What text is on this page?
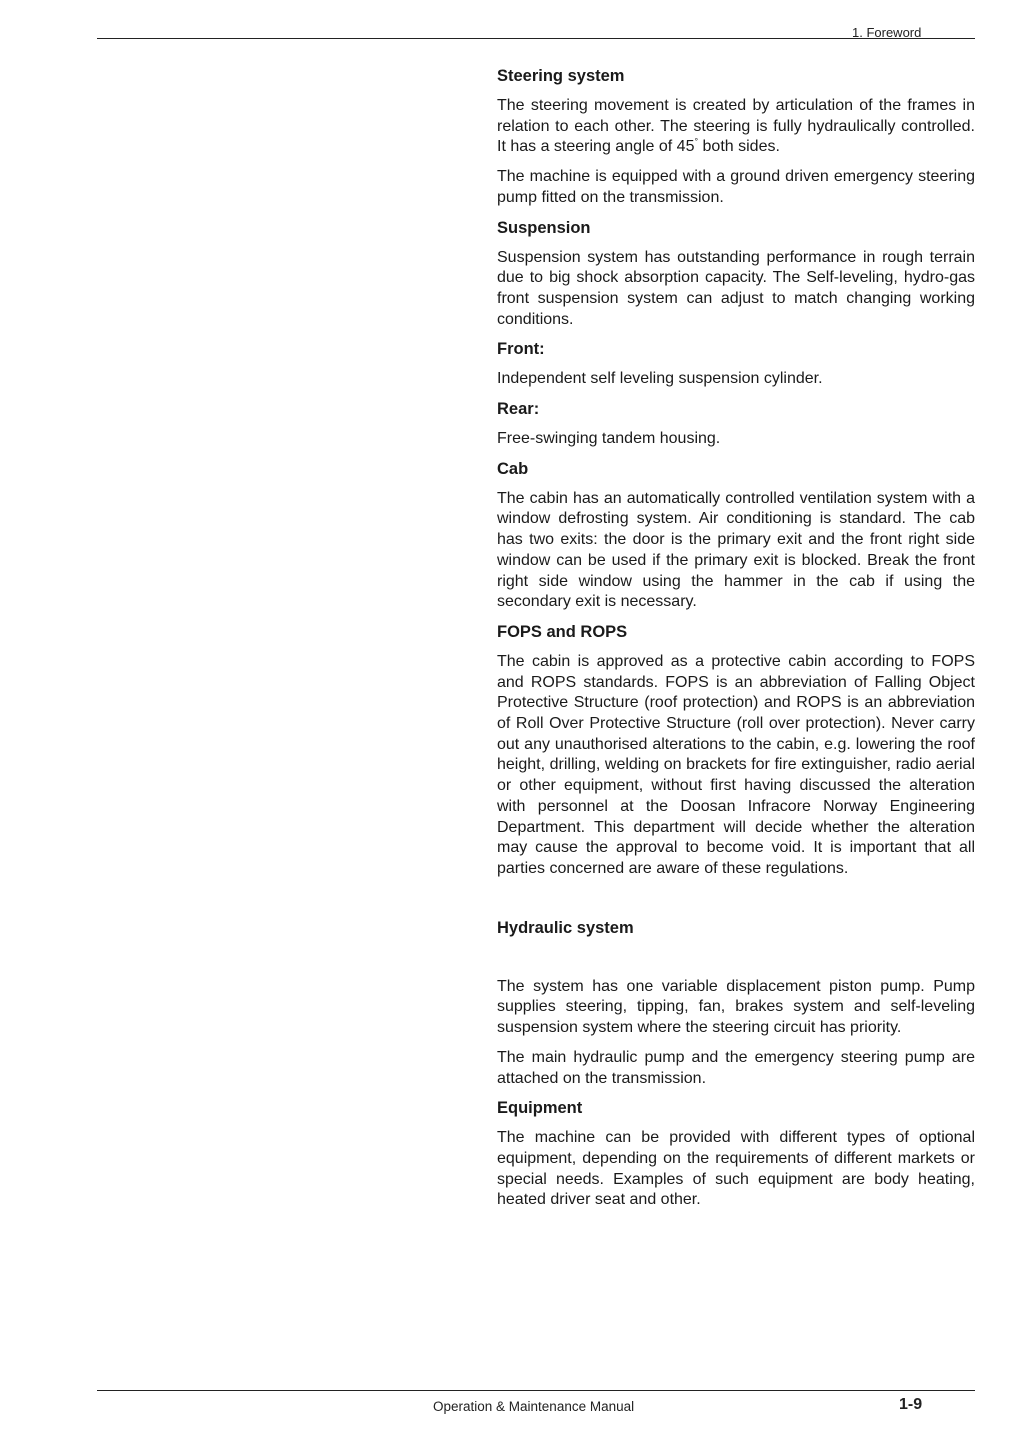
1. Foreword
Steering system

The steering movement is created by articulation of the frames in relation to each other. The steering is fully hydraulically controlled. It has a steering angle of 45° both sides.

The machine is equipped with a ground driven emergency steering pump fitted on the transmission.

Suspension

Suspension system has outstanding performance in rough terrain due to big shock absorption capacity. The Self-leveling, hydro-gas front suspension system can adjust to match changing working conditions.

Front:

Independent self leveling suspension cylinder.

Rear:

Free-swinging tandem housing.

Cab

The cabin has an automatically controlled ventilation system with a window defrosting system. Air conditioning is standard. The cab has two exits: the door is the primary exit and the front right side window can be used if the primary exit is blocked. Break the front right side window using the hammer in the cab if using the secondary exit is necessary.

FOPS and ROPS

The cabin is approved as a protective cabin according to FOPS and ROPS standards. FOPS is an abbreviation of Falling Object Protective Structure (roof protection) and ROPS is an abbreviation of Roll Over Protective Structure (roll over protection). Never carry out any unauthorised alterations to the cabin, e.g. lowering the roof height, drilling, welding on brackets for fire extinguisher, radio aerial or other equipment, without first having discussed the alteration with personnel at the Doosan Infracore Norway Engineering Department. This department will decide whether the alteration may cause the approval to become void. It is important that all parties concerned are aware of these regulations.

Hydraulic system

The system has one variable displacement piston pump. Pump supplies steering, tipping, fan, brakes system and self-leveling suspension system where the steering circuit has priority.

The main hydraulic pump and the emergency steering pump are attached on the transmission.

Equipment

The machine can be provided with different types of optional equipment, depending on the requirements of different markets or special needs. Examples of such equipment are body heating, heated driver seat and other.

Operation & Maintenance Manual	1-9
